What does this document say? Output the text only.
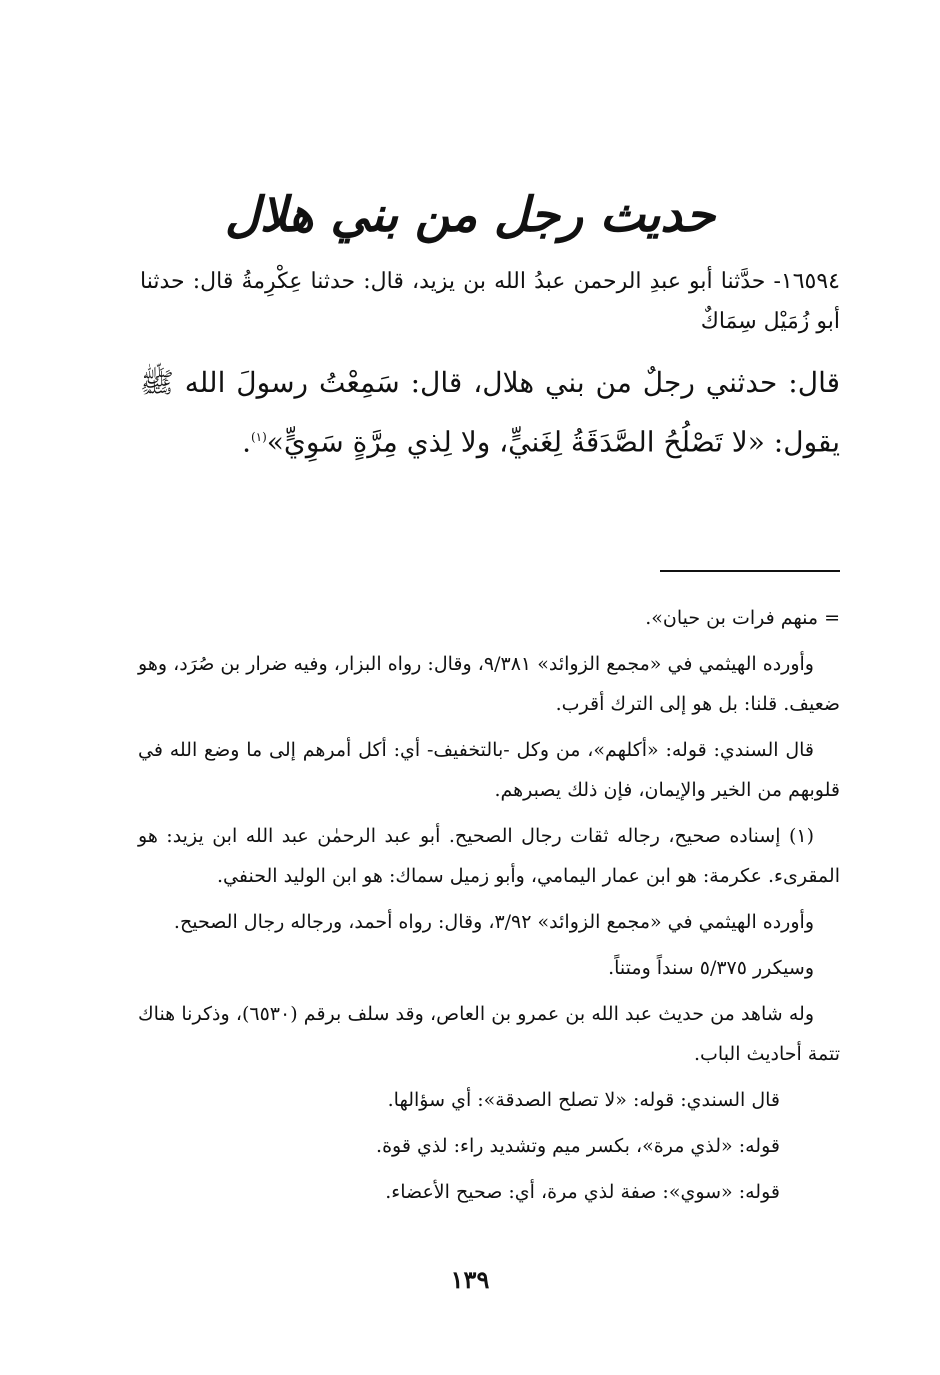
حديث رجل من بني هلال

١٦٥٩٤- حدَّثنا أبو عبدِ الرحمن عبدُ الله بن يزيد، قال: حدثنا عِكْرِمةُ قال: حدثنا أبو زُمَيْل سِمَاكٌ

قال: حدثني رجلٌ من بني هلال، قال: سَمِعْتُ رسولَ الله ﷺ يقول: «لا تَصْلُحُ الصَّدَقَةُ لِغَنيٍّ، ولا لِذي مِرَّةٍ سَوِيٍّ»$^{(١)}$.

= منهم فرات بن حيان».

وأورده الهيثمي في «مجمع الزوائد» ٩/٣٨١، وقال: رواه البزار، وفيه ضرار بن صُرَد، وهو ضعيف. قلنا: بل هو إلى الترك أقرب.

قال السندي: قوله: «أكلهم»، من وكل -بالتخفيف- أي: أكل أمرهم إلى ما وضع الله في قلوبهم من الخير والإيمان، فإن ذلك يصبرهم.

(١) إسناده صحيح، رجاله ثقات رجال الصحيح. أبو عبد الرحمٰن عبد الله ابن يزيد: هو المقرىء. عكرمة: هو ابن عمار اليمامي، وأبو زميل سماك: هو ابن الوليد الحنفي.

وأورده الهيثمي في «مجمع الزوائد» ٣/٩٢، وقال: رواه أحمد، ورجاله رجال الصحيح.

وسيكرر ٥/٣٧٥ سنداً ومتناً.

وله شاهد من حديث عبد الله بن عمرو بن العاص، وقد سلف برقم (٦٥٣٠)، وذكرنا هناك تتمة أحاديث الباب.

قال السندي: قوله: «لا تصلح الصدقة»: أي سؤالها.

قوله: «لذي مرة»، بكسر ميم وتشديد راء: لذي قوة.

قوله: «سوي»: صفة لذي مرة، أي: صحيح الأعضاء.

١٣٩
